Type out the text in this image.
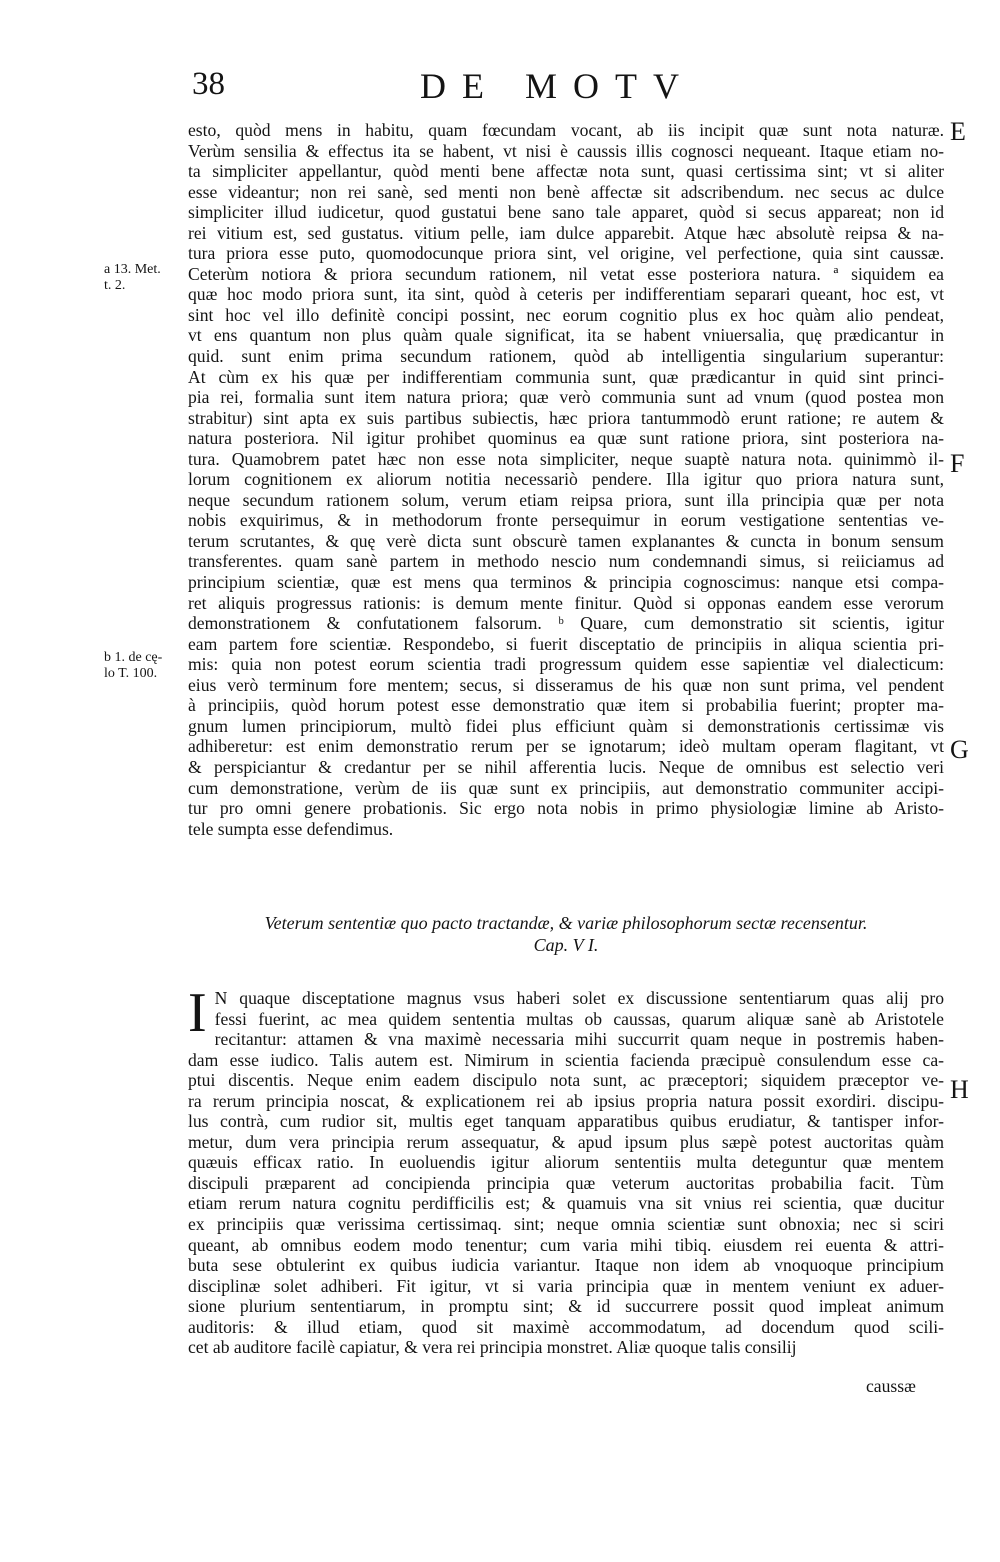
38	DE MOTV
a 13. Met.
t. 2.
b 1. de cę-
lo T. 100.
E
F
G
H
esto, quòd mens in habitu, quam fœcundam vocant, ab iis incipit quæ sunt nota naturæ.
Verùm sensilia & effectus ita se habent, vt nisi è caussis illis cognosci nequeant. Itaque etiam no-
ta simpliciter appellantur, quòd menti bene affectæ nota sunt, quasi certissima sint; vt si aliter
esse videantur; non rei sanè, sed menti non benè affectæ sit adscribendum. nec secus ac dulce
simpliciter illud iudicetur, quod gustatui bene sano tale apparet, quòd si secus appareat; non id
rei vitium est, sed gustatus. vitium pelle, iam dulce apparebit. Atque hæc absolutè reipsa & na-
tura priora esse puto, quomodocunque priora sint, vel origine, vel perfectione, quia sint caussæ.
Ceterùm notiora & priora secundum rationem, nil vetat esse posteriora natura. ª siquidem ea
quæ hoc modo priora sunt, ita sint, quòd à ceteris per indifferentiam separari queant, hoc est, vt
sint hoc vel illo definitè concipi possint, nec eorum cognitio plus ex hoc quàm alio pendeat,
vt ens quantum non plus quàm quale significat, ita se habent vniuersalia, quę prædicantur in
quid. sunt enim prima secundum rationem, quòd ab intelligentia singularium superantur:
At cùm ex his quæ per indifferentiam communia sunt, quæ prædicantur in quid sint princi-
pia rei, formalia sunt item natura priora; quæ verò communia sunt ad vnum (quod postea mon
strabitur) sint apta ex suis partibus subiectis, hæc priora tantummodò erunt ratione; re autem &
natura posteriora. Nil igitur prohibet quominus ea quæ sunt ratione priora, sint posteriora na-
tura. Quamobrem patet hæc non esse nota simpliciter, neque suaptè natura nota. quinimmò il-
lorum cognitionem ex aliorum notitia necessariò pendere. Illa igitur quo priora natura sunt,
neque secundum rationem solum, verum etiam reipsa priora, sunt illa principia quæ per nota
nobis exquirimus, & in methodorum fronte persequimur in eorum vestigatione sententias ve-
terum scrutantes, & quę verè dicta sunt obscurè tamen explanantes & cuncta in bonum sensum
transferentes. quam sanè partem in methodo nescio num condemnandi simus, si reiiciamus ad
principium scientiæ, quæ est mens qua terminos & principia cognoscimus: nanque etsi compa-
ret aliquis progressus rationis: is demum mente finitur. Quòd si opponas eandem esse verorum
demonstrationem & confutationem falsorum. ᵇ Quare, cum demonstratio sit scientis, igitur
eam partem fore scientiæ. Respondebo, si fuerit disceptatio de principiis in aliqua scientia pri-
mis: quia non potest eorum scientia tradi progressum quidem esse sapientiæ vel dialecticum:
eius verò terminum fore mentem; secus, si disseramus de his quæ non sunt prima, vel pendent
à principiis, quòd horum potest esse demonstratio quæ item si probabilia fuerint; propter ma-
gnum lumen principiorum, multò fidei plus efficiunt quàm si demonstrationis certissimæ vis
adhiberetur: est enim demonstratio rerum per se ignotarum; ideò multam operam flagitant, vt
& perspiciantur & credantur per se nihil afferentia lucis. Neque de omnibus est selectio veri
cum demonstratione, verùm de iis quæ sunt ex principiis, aut demonstratio communiter accipi-
tur pro omni genere probationis. Sic ergo nota nobis in primo physiologiæ limine ab Aristo-
tele sumpta esse defendimus.
Veterum sententiæ quo pacto tractandæ, & variæ philosophorum sectæ recensentur.
Cap. V I.
I N quaque disceptatione magnus vsus haberi solet ex discussione sententiarum quas alij pro
fessi fuerint, ac mea quidem sententia multas ob caussas, quarum aliquæ sanè ab Aristotele
recitantur: attamen & vna maximè necessaria mihi succurrit quam neque in postremis haben-
dam esse iudico. Talis autem est. Nimirum in scientia facienda præcipuè consulendum esse ca-
ptui discentis. Neque enim eadem discipulo nota sunt, ac præceptori; siquidem præceptor ve-
ra rerum principia noscat, & explicationem rei ab ipsius propria natura possit exordiri. discipu-
lus contrà, cum rudior sit, multis eget tanquam apparatibus quibus erudiatur, & tantisper infor-
metur, dum vera principia rerum assequatur, & apud ipsum plus sæpè potest auctoritas quàm
quæuis efficax ratio. In euoluendis igitur aliorum sententiis multa deteguntur quæ mentem
discipuli præparent ad concipienda principia quæ veterum auctoritas probabilia facit. Tùm
etiam rerum natura cognitu perdifficilis est; & quamuis vna sit vnius rei scientia, quæ ducitur
ex principiis quæ verissima certissimaq. sint; neque omnia scientiæ sunt obnoxia; nec si sciri
queant, ab omnibus eodem modo tenentur; cum varia mihi tibiq. eiusdem rei euenta & attri-
buta sese obtulerint ex quibus iudicia variantur. Itaque non idem ab vnoquoque principium
disciplinæ solet adhiberi. Fit igitur, vt si varia principia quæ in mentem veniunt ex aduer-
sione plurium sententiarum, in promptu sint; & id succurrere possit quod impleat animum
auditoris: & illud etiam, quod sit maximè accommodatum, ad docendum quod scili-
cet ab auditore facilè capiatur, & vera rei principia monstret. Aliæ quoque talis consilij
caussæ
